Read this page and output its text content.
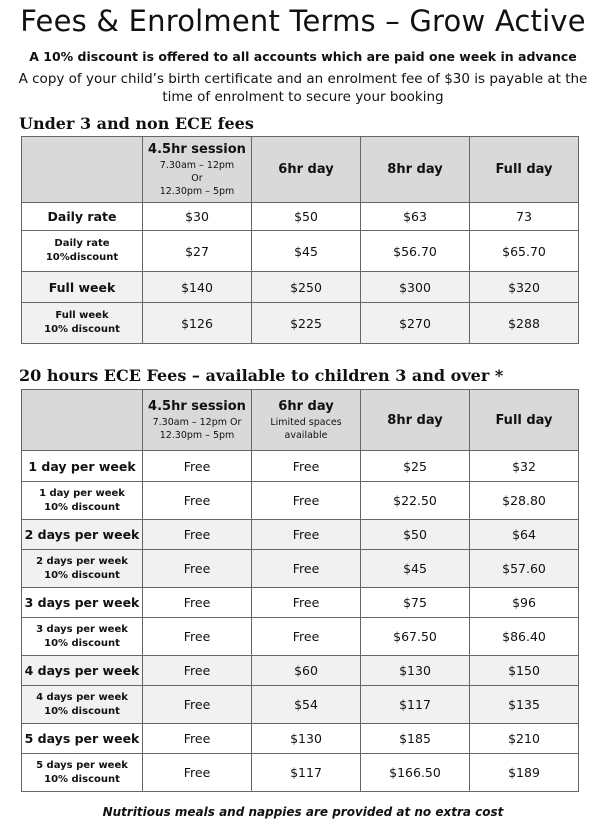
Fees & Enrolment Terms – Grow Active
A 10% discount is offered to all accounts which are paid one week in advance
A copy of your child’s birth certificate and an enrolment fee of $30 is payable at the time of enrolment to secure your booking
Under 3 and non ECE fees

	4.5hr session
7.30am – 12pm
Or
12.30pm – 5pm	6hr day	8hr day	Full day
Daily rate	$30	$50	$63	73
Daily rate
10%discount	$27	$45	$56.70	$65.70
Full week	$140	$250	$300	$320
Full week
10% discount	$126	$225	$270	$288
20 hours ECE Fees – available to children 3 and over *

	4.5hr session
7.30am – 12pm Or
12.30pm – 5pm	6hr day
Limited spaces
available	8hr day	Full day
1 day per week	Free	Free	$25	$32
1 day per week
10% discount	Free	Free	$22.50	$28.80
2 days per week	Free	Free	$50	$64
2 days per week
10% discount	Free	Free	$45	$57.60
3 days per week	Free	Free	$75	$96
3 days per week
10% discount	Free	Free	$67.50	$86.40
4 days per week	Free	$60	$130	$150
4 days per week
10% discount	Free	$54	$117	$135
5 days per week	Free	$130	$185	$210
5 days per week
10% discount	Free	$117	$166.50	$189
Nutritious meals and nappies are provided at no extra cost
